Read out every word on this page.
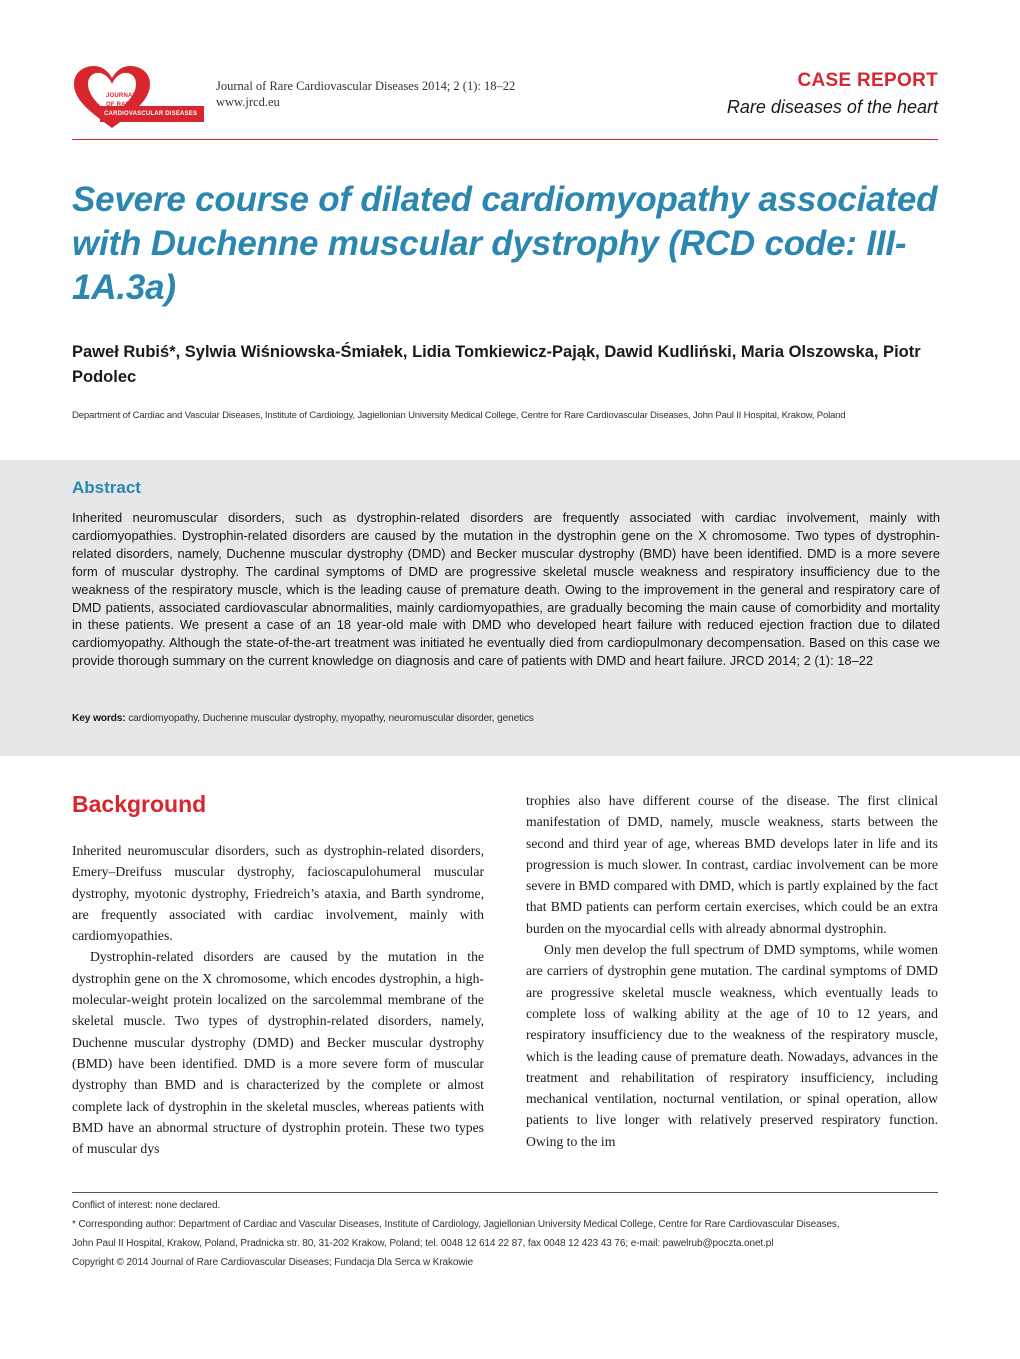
JOURNAL
OF RARE
CARDIOVASCULAR DISEASES
Journal of Rare Cardiovascular Diseases 2014; 2 (1): 18–22
www.jrcd.eu
CASE REPORT
Rare diseases of the heart
Severe course of dilated cardiomyopathy associated with Duchenne muscular dystrophy (RCD code: III-1A.3a)
Paweł Rubiś*, Sylwia Wiśniowska-Śmiałek, Lidia Tomkiewicz-Pająk, Dawid Kudliński, Maria Olszowska, Piotr Podolec
Department of Cardiac and Vascular Diseases, Institute of Cardiology, Jagiellonian University Medical College, Centre for Rare Cardiovascular Diseases, John Paul II Hospital, Krakow, Poland
Abstract
Inherited neuromuscular disorders, such as dystrophin-related disorders are frequently associated with cardiac involvement, mainly with cardiomyopathies. Dystrophin-related disorders are caused by the mutation in the dystrophin gene on the X chromosome. Two types of dystrophin-related disorders, namely, Duchenne muscular dystrophy (DMD) and Becker muscular dystrophy (BMD) have been identified. DMD is a more severe form of muscular dystrophy. The cardinal symptoms of DMD are progressive skeletal muscle weakness and respiratory insufficiency due to the weakness of the respiratory muscle, which is the leading cause of premature death. Owing to the improvement in the general and respiratory care of DMD patients, associated cardiovascular abnormalities, mainly cardiomyopathies, are gradually becoming the main cause of comorbidity and mortality in these patients. We present a case of an 18 year-old male with DMD who developed heart failure with reduced ejection fraction due to dilated cardiomyopathy. Although the state-of-the-art treatment was initiated he eventually died from cardiopulmonary decompensation. Based on this case we provide thorough summary on the current knowledge on diagnosis and care of patients with DMD and heart failure. JRCD 2014; 2 (1): 18–22
Key words: cardiomyopathy, Duchenne muscular dystrophy, myopathy, neuromuscular disorder, genetics
Background

Inherited neuromuscular disorders, such as dystrophin-related disorders, Emery–Dreifuss muscular dystrophy, facioscapulohumeral muscular dystrophy, myotonic dystrophy, Friedreich’s ataxia, and Barth syndrome, are frequently associated with cardiac involvement, mainly with cardiomyopathies.

Dystrophin-related disorders are caused by the mutation in the dystrophin gene on the X chromosome, which encodes dystrophin, a high-molecular-weight protein localized on the sarcolemmal membrane of the skeletal muscle. Two types of dystrophin-related disorders, namely, Duchenne muscular dystrophy (DMD) and Becker muscular dystrophy (BMD) have been identified. DMD is a more severe form of muscular dystrophy than BMD and is characterized by the complete or almost complete lack of dystrophin in the skeletal muscles, whereas patients with BMD have an abnormal structure of dystrophin protein. These two types of muscular dys

trophies also have different course of the disease. The first clinical manifestation of DMD, namely, muscle weakness, starts between the second and third year of age, whereas BMD develops later in life and its progression is much slower. In contrast, cardiac involvement can be more severe in BMD compared with DMD, which is partly explained by the fact that BMD patients can perform certain exercises, which could be an extra burden on the myocardial cells with already abnormal dystrophin.

Only men develop the full spectrum of DMD symptoms, while women are carriers of dystrophin gene mutation. The cardinal symptoms of DMD are progressive skeletal muscle weakness, which eventually leads to complete loss of walking ability at the age of 10 to 12 years, and respiratory insufficiency due to the weakness of the respiratory muscle, which is the leading cause of premature death. Nowadays, advances in the treatment and rehabilitation of respiratory insufficiency, including mechanical ventilation, nocturnal ventilation, or spinal operation, allow patients to live longer with relatively preserved respiratory function. Owing to the im

Conflict of interest: none declared.
* Corresponding author: Department of Cardiac and Vascular Diseases, Institute of Cardiology, Jagiellonian University Medical College, Centre for Rare Cardiovascular Diseases,
John Paul II Hospital, Krakow, Poland, Pradnicka str. 80, 31-202 Krakow, Poland; tel. 0048 12 614 22 87, fax 0048 12 423 43 76; e-mail: pawelrub@poczta.onet.pl
Copyright © 2014 Journal of Rare Cardiovascular Diseases; Fundacja Dla Serca w Krakowie
